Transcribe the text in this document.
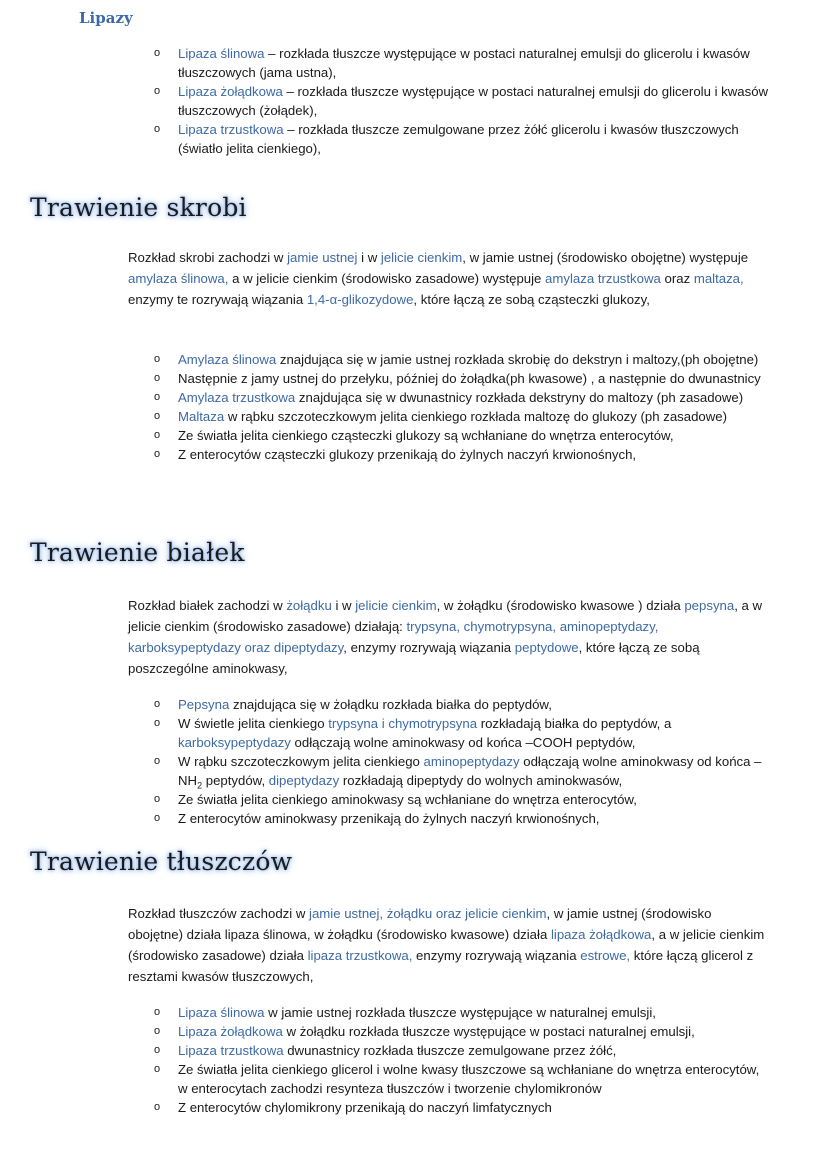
Lipazy
o Lipaza ślinowa – rozkłada tłuszcze występujące w postaci naturalnej emulsji do glicerolu i kwasów tłuszczowych (jama ustna),
o Lipaza żołądkowa – rozkłada tłuszcze występujące w postaci naturalnej emulsji do glicerolu i kwasów tłuszczowych (żołądek),
o Lipaza trzustkowa – rozkłada tłuszcze zemulgowane przez żółć glicerolu i kwasów tłuszczowych (światło jelita cienkiego),
Trawienie skrobi
Rozkład skrobi zachodzi w jamie ustnej i w jelicie cienkim, w jamie ustnej (środowisko obojętne) występuje amylaza ślinowa, a w jelicie cienkim (środowisko zasadowe) występuje amylaza trzustkowa oraz maltaza, enzymy te rozrywają wiązania 1,4-α-glikozydowe, które łączą ze sobą cząsteczki glukozy,
o Amylaza ślinowa znajdująca się w jamie ustnej rozkłada skrobię do dekstryn i maltozy,(ph obojętne)
o Następnie z jamy ustnej do przełyku, później do żołądka(ph kwasowe) , a następnie do dwunastnicy
o Amylaza trzustkowa znajdująca się w dwunastnicy rozkłada dekstryny do maltozy (ph zasadowe)
o Maltaza w rąbku szczoteczkowym jelita cienkiego rozkłada maltozę do glukozy (ph zasadowe)
o Ze światła jelita cienkiego cząsteczki glukozy są wchłaniane do wnętrza enterocytów,
o Z enterocytów cząsteczki glukozy przenikają do żylnych naczyń krwionośnych,
Trawienie białek
Rozkład białek zachodzi w żołądku i w jelicie cienkim, w żołądku (środowisko kwasowe ) działa pepsyna, a w jelicie cienkim (środowisko zasadowe) działają: trypsyna, chymotrypsyna, aminopeptydazy, karboksypeptydazy oraz dipeptydazy, enzymy rozrywają wiązania peptydowe, które łączą ze sobą poszczególne aminokwasy,
o Pepsyna znajdująca się w żołądku rozkłada białka do peptydów,
o W świetle jelita cienkiego trypsyna i chymotrypsyna rozkładają białka do peptydów, a karboksypeptydazy odłączają wolne aminokwasy od końca –COOH peptydów,
o W rąbku szczoteczkowym jelita cienkiego aminopeptydazy odłączają wolne aminokwasy od końca $-NH_2$ peptydów, dipeptydazy rozkładają dipeptydy do wolnych aminokwasów,
o Ze światła jelita cienkiego aminokwasy są wchłaniane do wnętrza enterocytów,
o Z enterocytów aminokwasy przenikają do żylnych naczyń krwionośnych,
Trawienie tłuszczów
Rozkład tłuszczów zachodzi w jamie ustnej, żołądku oraz jelicie cienkim, w jamie ustnej (środowisko obojętne) działa lipaza ślinowa, w żołądku (środowisko kwasowe) działa lipaza żołądkowa, a w jelicie cienkim (środowisko zasadowe) działa lipaza trzustkowa, enzymy rozrywają wiązania estrowe, które łączą glicerol z resztami kwasów tłuszczowych,
o Lipaza ślinowa w jamie ustnej rozkłada tłuszcze występujące w naturalnej emulsji,
o Lipaza żołądkowa w żołądku rozkłada tłuszcze występujące w postaci naturalnej emulsji,
o Lipaza trzustkowa dwunastnicy rozkłada tłuszcze zemulgowane przez żółć,
o Ze światła jelita cienkiego glicerol i wolne kwasy tłuszczowe są wchłaniane do wnętrza enterocytów, w enterocytach zachodzi resynteza tłuszczów i tworzenie chylomikronów
o Z enterocytów chylomikrony przenikają do naczyń limfatycznych
